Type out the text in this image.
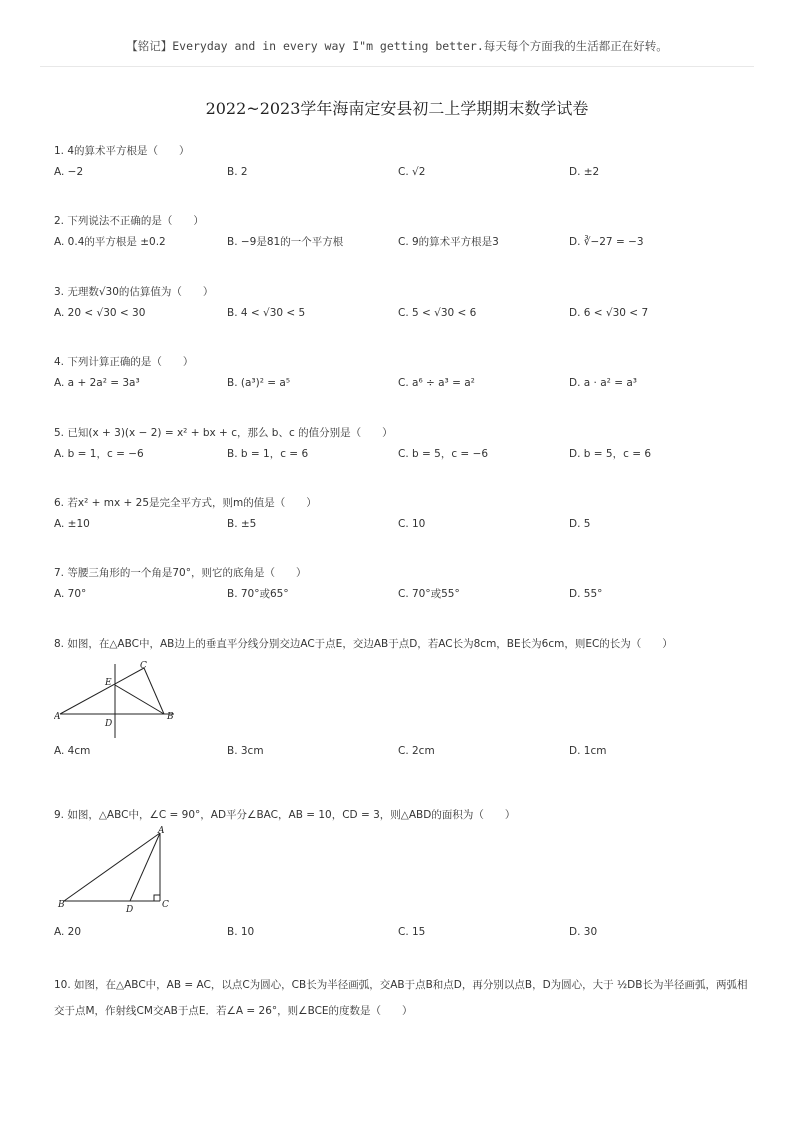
【铭记】Everyday and in every way I"m getting better.每天每个方面我的生活都正在好转。
2022~2023学年海南定安县初二上学期期末数学试卷
1. 4的算术平方根是（　　）
A. −2	B. 2	C. √2	D. ±2
2. 下列说法不正确的是（　　）
A. 0.4的平方根是 ±0.2	B. −9是81的一个平方根	C. 9的算术平方根是3	D. ∛−27 = −3
3. 无理数√30的估算值为（　　）
A. 20 < √30 < 30	B. 4 < √30 < 5	C. 5 < √30 < 6	D. 6 < √30 < 7
4. 下列计算正确的是（　　）
A. a + 2a² = 3a³	B. (a³)² = a⁵	C. a⁶ ÷ a³ = a²	D. a · a² = a³
5. 已知(x + 3)(x − 2) = x² + bx + c，那么 b、c 的值分别是（　　）
A. b = 1，c = −6	B. b = 1，c = 6	C. b = 5，c = −6	D. b = 5，c = 6
6. 若x² + mx + 25是完全平方式，则m的值是（　　）
A. ±10	B. ±5	C. 10	D. 5
7. 等腰三角形的一个角是70°，则它的底角是（　　）
A. 70°	B. 70°或65°	C. 70°或55°	D. 55°
8. 如图，在△ABC中，AB边上的垂直平分线分别交边AC于点E，交边AB于点D，若AC长为8cm，BE长为6cm，则EC的长为（　　）
C
E
A
D
B
A. 4cm	B. 3cm	C. 2cm	D. 1cm
9. 如图，△ABC中，∠C = 90°，AD平分∠BAC，AB = 10，CD = 3，则△ABD的面积为（　　）
A
B	D	C
A. 20	B. 10	C. 15	D. 30
10. 如图，在△ABC中，AB = AC，以点C为圆心，CB长为半径画弧，交AB于点B和点D，再分别以点B，D为圆心，大于 ½DB长为半径画弧，两弧相交于点M，作射线CM交AB于点E．若∠A = 26°，则∠BCE的度数是（　　）
